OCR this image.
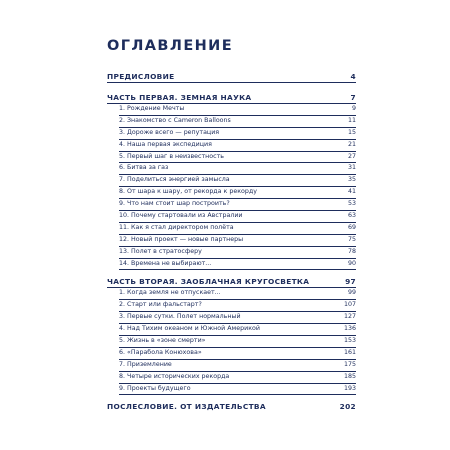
ОГЛАВЛЕНИЕ
ПРЕДИСЛОВИЕ	4
ЧАСТЬ ПЕРВАЯ. ЗЕМНАЯ НАУКА	7
1. Рождение Мечты	9
2. Знакомство с Cameron Balloons	11
3. Дороже всего — репутация	15
4. Наша первая экспедиция	21
5. Первый шаг в неизвестность	27
6. Битва за газ	31
7. Поделиться энергией замысла	35
8. От шара к шару, от рекорда к рекорду	41
9. Что нам стоит шар построить?	53
10. Почему стартовали из Австралии	63
11. Как я стал директором полёта	69
12. Новый проект — новые партнеры	75
13. Полет в стратосферу	78
14. Времена не выбирают...	90
ЧАСТЬ ВТОРАЯ. ЗАОБЛАЧНАЯ КРУГОСВЕТКА	97
1. Когда земля не отпускает...	99
2. Старт или фальстарт?	107
3. Первые сутки. Полет нормальный	127
4. Над Тихим океаном и Южной Америкой	136
5. Жизнь в «зоне смерти»	153
6. «Парабола Конюхова»	161
7. Приземление	175
8. Четыре исторических рекорда	185
9. Проекты будущего	193
ПОСЛЕСЛОВИЕ. ОТ ИЗДАТЕЛЬСТВА	202
